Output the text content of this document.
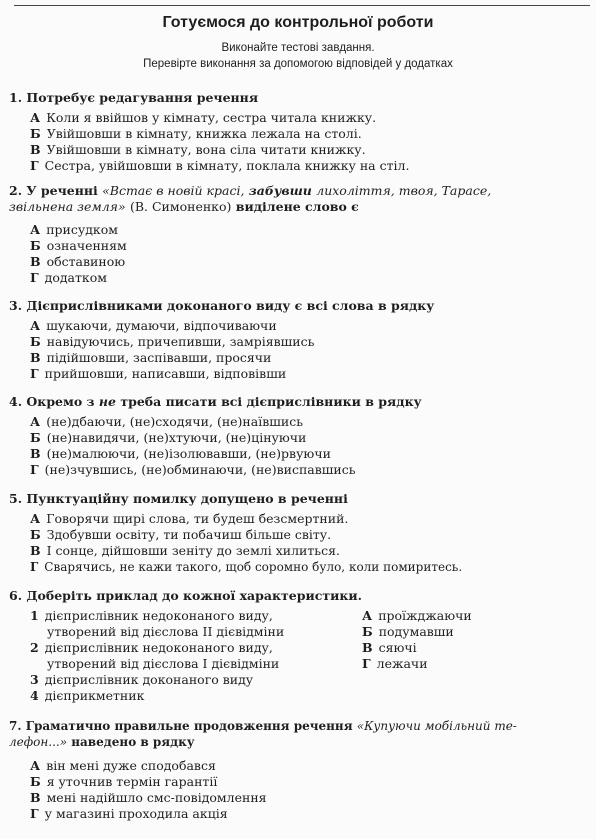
Готуємося до контрольної роботи
Виконайте тестові завдання.
Перевірте виконання за допомогою відповідей у додатках
1. Потребує редагування речення
А Коли я ввійшов у кімнату, сестра читала книжку.
Б Увійшовши в кімнату, книжка лежала на столі.
В Увійшовши в кімнату, вона сіла читати книжку.
Г Сестра, увійшовши в кімнату, поклала книжку на стіл.
2. У реченні «Встає в новій красі, забувши лихоліття, твоя, Тарасе,
звільнена земля» (В. Симоненко) виділене слово є
А присудком
Б означенням
В обставиною
Г додатком
3. Дієприслівниками доконаного виду є всі слова в рядку
А шукаючи, думаючи, відпочиваючи
Б навідуючись, причепивши, замріявшись
В підійшовши, заспівавши, просячи
Г прийшовши, написавши, відповівши
4. Окремо з не треба писати всі дієприслівники в рядку
А (не)дбаючи, (не)сходячи, (не)наївшись
Б (не)навидячи, (не)хтуючи, (не)цінуючи
В (не)малюючи, (не)ізолювавши, (не)рвуючи
Г (не)зчувшись, (не)обминаючи, (не)виспавшись
5. Пунктуаційну помилку допущено в реченні
А Говорячи щирі слова, ти будеш безсмертний.
Б Здобувши освіту, ти побачиш більше світу.
В І сонце, дійшовши зеніту до землі хилиться.
Г Сварячись, не кажи такого, щоб соромно було, коли помиритесь.
6. Доберіть приклад до кожної характеристики.
1 дієприслівник недоконаного виду,
утворений від дієслова ІІ дієвідміни
2 дієприслівник недоконаного виду,
утворений від дієслова І дієвідміни
3 дієприслівник доконаного виду
4 дієприкметник
А проїжджаючи
Б подумавши
В сяючі
Г лежачи
7. Граматично правильне продовження речення «Купуючи мобільний те-
лефон...» наведено в рядку
А він мені дуже сподобався
Б я уточнив термін гарантії
В мені надійшло смс-повідомлення
Г у магазині проходила акція
